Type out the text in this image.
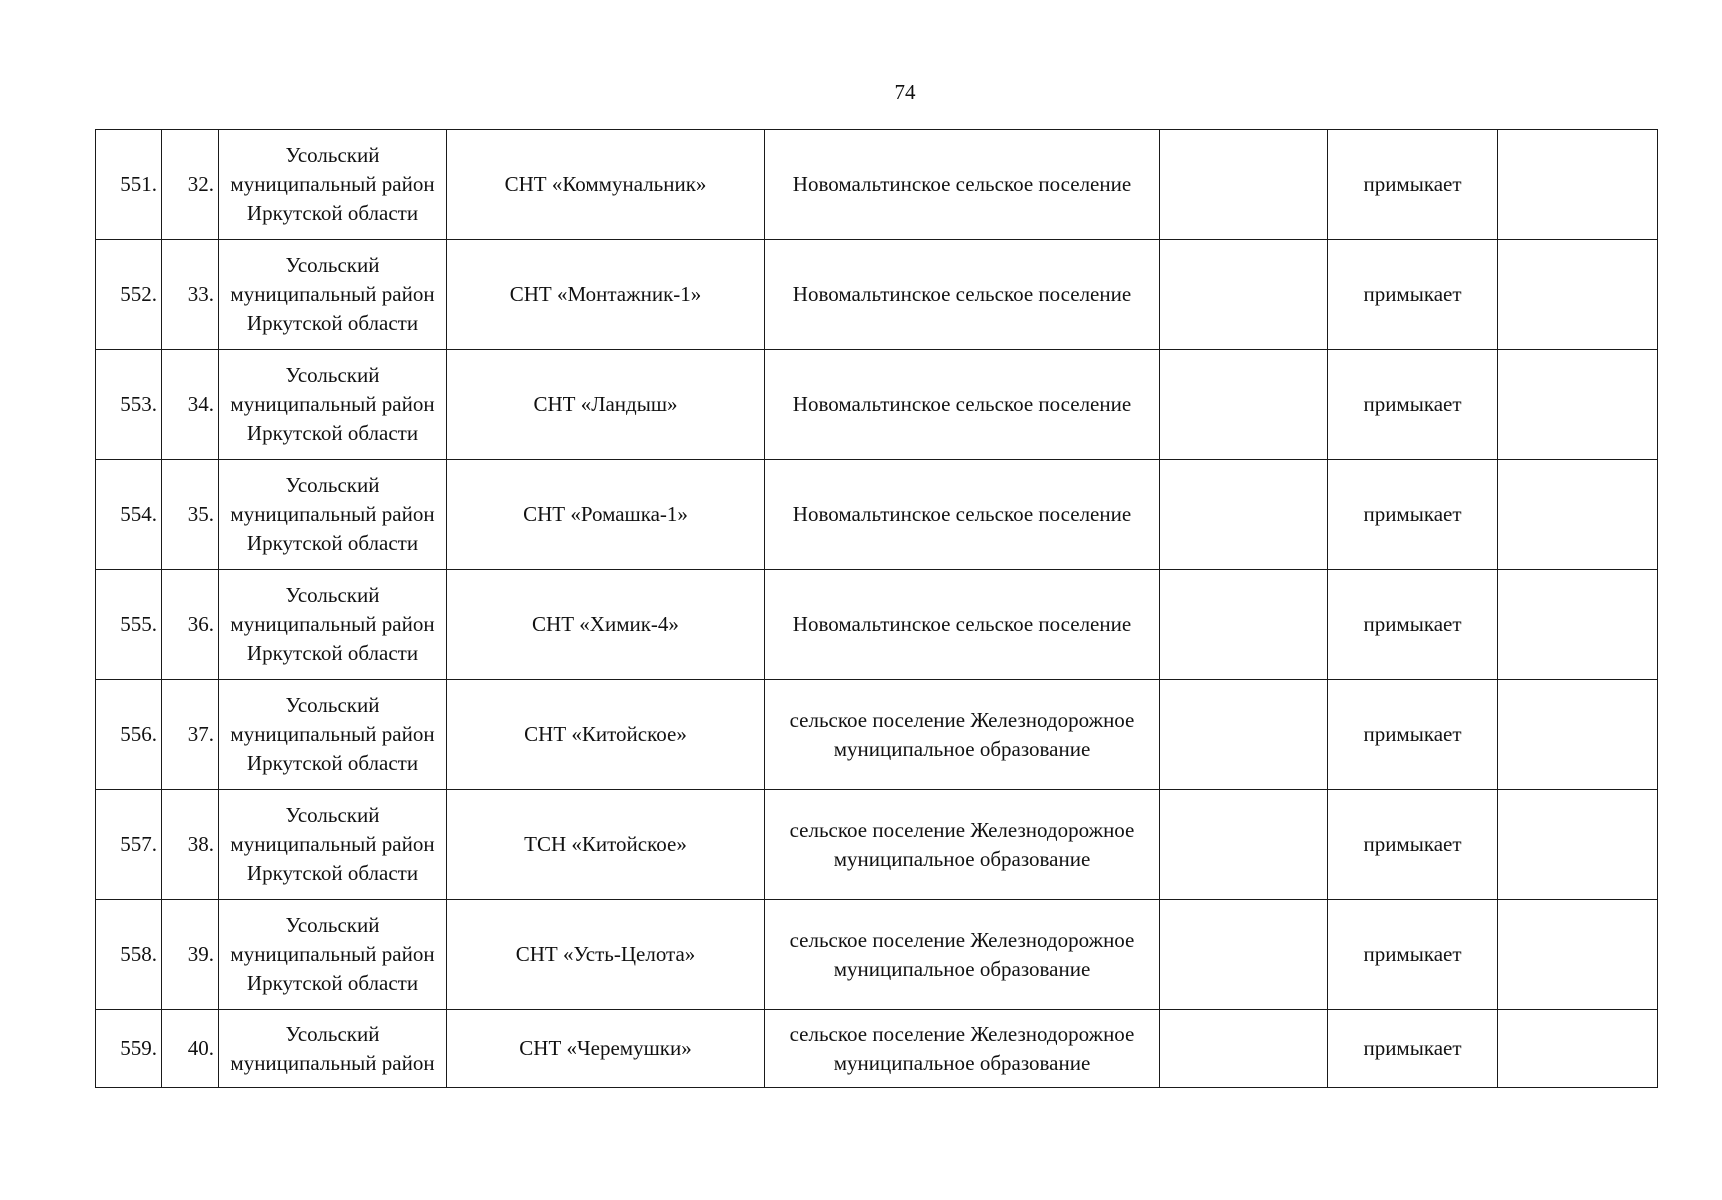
74
551.	32.	Усольский муниципальный район Иркутской области	СНТ «Коммунальник»	Новомальтинское сельское поселение		примыкает	
552.	33.	Усольский муниципальный район Иркутской области	СНТ «Монтажник-1»	Новомальтинское сельское поселение		примыкает	
553.	34.	Усольский муниципальный район Иркутской области	СНТ «Ландыш»	Новомальтинское сельское поселение		примыкает	
554.	35.	Усольский муниципальный район Иркутской области	СНТ «Ромашка-1»	Новомальтинское сельское поселение		примыкает	
555.	36.	Усольский муниципальный район Иркутской области	СНТ «Химик-4»	Новомальтинское сельское поселение		примыкает	
556.	37.	Усольский муниципальный район Иркутской области	СНТ «Китойское»	сельское поселение Железнодорожное муниципальное образование		примыкает	
557.	38.	Усольский муниципальный район Иркутской области	ТСН «Китойское»	сельское поселение Железнодорожное муниципальное образование		примыкает	
558.	39.	Усольский муниципальный район Иркутской области	СНТ «Усть-Целота»	сельское поселение Железнодорожное муниципальное образование		примыкает	
559.	40.	Усольский муниципальный район	СНТ «Черемушки»	сельское поселение Железнодорожное муниципальное образование		примыкает	
